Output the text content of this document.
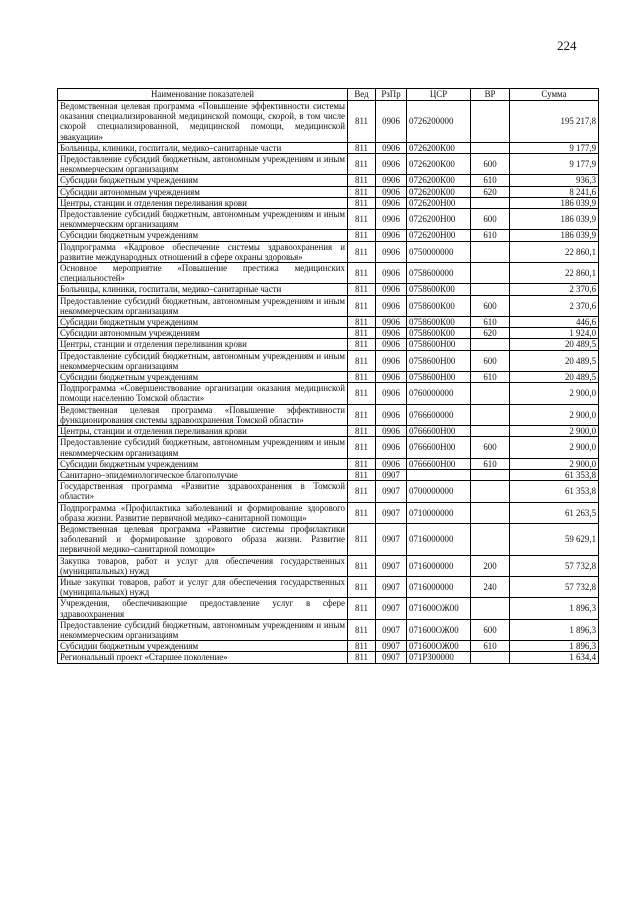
224
Наименование показателей	Вед	РзПр	ЦСР	ВР	Сумма
Ведомственная целевая программа «Повышение эффективности системы оказания специализированной медицинской помощи, скорой, в том числе скорой специализированной, медицинской помощи, медицинской эвакуации»	811	0906	0726200000		195 217,8
Больницы, клиники, госпитали, медико–санитарные части	811	0906	0726200К00		9 177,9
Предоставление субсидий бюджетным, автономным учреждениям и иным некоммерческим организациям	811	0906	0726200К00	600	9 177,9
Субсидии бюджетным учреждениям	811	0906	0726200К00	610	936,3
Субсидии автономным учреждениям	811	0906	0726200К00	620	8 241,6
Центры, станции и отделения переливания крови	811	0906	0726200Н00		186 039,9
Предоставление субсидий бюджетным, автономным учреждениям и иным некоммерческим организациям	811	0906	0726200Н00	600	186 039,9
Субсидии бюджетным учреждениям	811	0906	0726200Н00	610	186 039,9
Подпрограмма «Кадровое обеспечение системы здравоохранения и развитие международных отношений в сфере охраны здоровья»	811	0906	0750000000		22 860,1
Основное мероприятие «Повышение престижа медицинских специальностей»	811	0906	0758600000		22 860,1
Больницы, клиники, госпитали, медико–санитарные части	811	0906	0758600К00		2 370,6
Предоставление субсидий бюджетным, автономным учреждениям и иным некоммерческим организациям	811	0906	0758600К00	600	2 370,6
Субсидии бюджетным учреждениям	811	0906	0758600К00	610	446,6
Субсидии автономным учреждениям	811	0906	0758600К00	620	1 924,0
Центры, станции и отделения переливания крови	811	0906	0758600Н00		20 489,5
Предоставление субсидий бюджетным, автономным учреждениям и иным некоммерческим организациям	811	0906	0758600Н00	600	20 489,5
Субсидии бюджетным учреждениям	811	0906	0758600Н00	610	20 489,5
Подпрограмма «Совершенствование организации оказания медицинской помощи населению Томской области»	811	0906	0760000000		2 900,0
Ведомственная целевая программа «Повышение эффективности функционирования системы здравоохранения Томской области»	811	0906	0766600000		2 900,0
Центры, станции и отделения переливания крови	811	0906	0766600Н00		2 900,0
Предоставление субсидий бюджетным, автономным учреждениям и иным некоммерческим организациям	811	0906	0766600Н00	600	2 900,0
Субсидии бюджетным учреждениям	811	0906	0766600Н00	610	2 900,0
Санитарно–эпидемиологическое благополучие	811	0907			61 353,8
Государственная программа «Развитие здравоохранения в Томской области»	811	0907	0700000000		61 353,8
Подпрограмма «Профилактика заболеваний и формирование здорового образа жизни. Развитие первичной медико–санитарной помощи»	811	0907	0710000000		61 263,5
Ведомственная целевая программа «Развитие системы профилактики заболеваний и формирование здорового образа жизни. Развитие первичной медико–санитарной помощи»	811	0907	0716000000		59 629,1
Закупка товаров, работ и услуг для обеспечения государственных (муниципальных) нужд	811	0907	0716000000	200	57 732,8
Иные закупки товаров, работ и услуг для обеспечения государственных (муниципальных) нужд	811	0907	0716000000	240	57 732,8
Учреждения, обеспечивающие предоставление услуг в сфере здравоохранения	811	0907	071600ОЖ00		1 896,3
Предоставление субсидий бюджетным, автономным учреждениям и иным некоммерческим организациям	811	0907	071600ОЖ00	600	1 896,3
Субсидии бюджетным учреждениям	811	0907	071600ОЖ00	610	1 896,3
Региональный проект «Старшее поколение»	811	0907	071Р300000		1 634,4
